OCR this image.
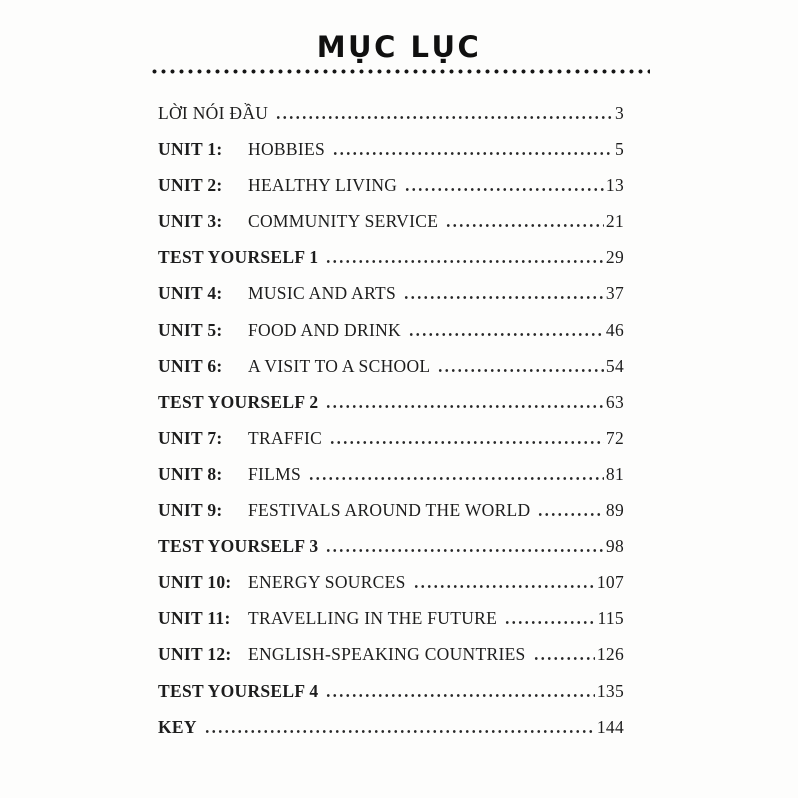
MỤC LỤC
LỜI NÓI ĐẦU	3
UNIT 1:	HOBBIES	5
UNIT 2:	HEALTHY LIVING	13
UNIT 3:	COMMUNITY SERVICE	21
TEST YOURSELF 1	29
UNIT 4:	MUSIC AND ARTS	37
UNIT 5:	FOOD AND DRINK	46
UNIT 6:	A VISIT TO A SCHOOL	54
TEST YOURSELF 2	63
UNIT 7:	TRAFFIC	72
UNIT 8:	FILMS	81
UNIT 9:	FESTIVALS AROUND THE WORLD	89
TEST YOURSELF 3	98
UNIT 10: ENERGY SOURCES	107
UNIT 11: TRAVELLING IN THE FUTURE	115
UNIT 12: ENGLISH-SPEAKING COUNTRIES	126
TEST YOURSELF 4	135
KEY	144
